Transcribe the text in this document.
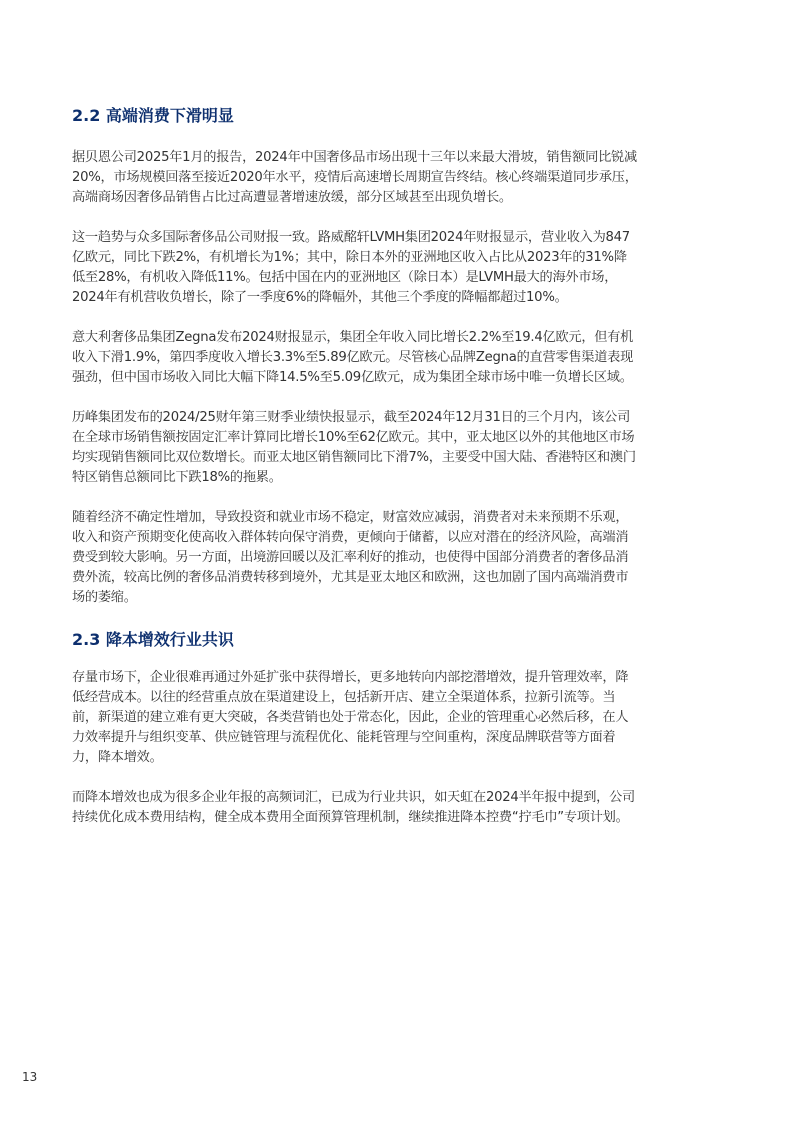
2.2 高端消费下滑明显

据贝恩公司2025年1月的报告，2024年中国奢侈品市场出现十三年以来最大滑坡，销售额同比锐减20%，市场规模回落至接近2020年水平，疫情后高速增长周期宣告终结。核心终端渠道同步承压，高端商场因奢侈品销售占比过高遭显著增速放缓，部分区域甚至出现负增长。

这一趋势与众多国际奢侈品公司财报一致。路威酩轩LVMH集团2024年财报显示，营业收入为847亿欧元，同比下跌2%，有机增长为1%；其中，除日本外的亚洲地区收入占比从2023年的31%降低至28%，有机收入降低11%。包括中国在内的亚洲地区（除日本）是LVMH最大的海外市场，2024年有机营收负增长，除了一季度6%的降幅外，其他三个季度的降幅都超过10%。

意大利奢侈品集团Zegna发布2024财报显示，集团全年收入同比增长2.2%至19.4亿欧元，但有机收入下滑1.9%，第四季度收入增长3.3%至5.89亿欧元。尽管核心品牌Zegna的直营零售渠道表现强劲，但中国市场收入同比大幅下降14.5%至5.09亿欧元，成为集团全球市场中唯一负增长区域。

历峰集团发布的2024/25财年第三财季业绩快报显示，截至2024年12月31日的三个月内，该公司在全球市场销售额按固定汇率计算同比增长10%至62亿欧元。其中，亚太地区以外的其他地区市场均实现销售额同比双位数增长。而亚太地区销售额同比下滑7%，主要受中国大陆、香港特区和澳门特区销售总额同比下跌18%的拖累。

随着经济不确定性增加，导致投资和就业市场不稳定，财富效应减弱，消费者对未来预期不乐观，收入和资产预期变化使高收入群体转向保守消费，更倾向于储蓄，以应对潜在的经济风险，高端消费受到较大影响。另一方面，出境游回暖以及汇率利好的推动，也使得中国部分消费者的奢侈品消费外流，较高比例的奢侈品消费转移到境外，尤其是亚太地区和欧洲，这也加剧了国内高端消费市场的萎缩。

2.3 降本增效行业共识

存量市场下，企业很难再通过外延扩张中获得增长，更多地转向内部挖潜增效，提升管理效率，降低经营成本。以往的经营重点放在渠道建设上，包括新开店、建立全渠道体系，拉新引流等。当前，新渠道的建立难有更大突破，各类营销也处于常态化，因此，企业的管理重心必然后移，在人力效率提升与组织变革、供应链管理与流程优化、能耗管理与空间重构，深度品牌联营等方面着力，降本增效。

而降本增效也成为很多企业年报的高频词汇，已成为行业共识，如天虹在2024半年报中提到，公司持续优化成本费用结构，健全成本费用全面预算管理机制，继续推进降本控费“拧毛巾”专项计划。

13
